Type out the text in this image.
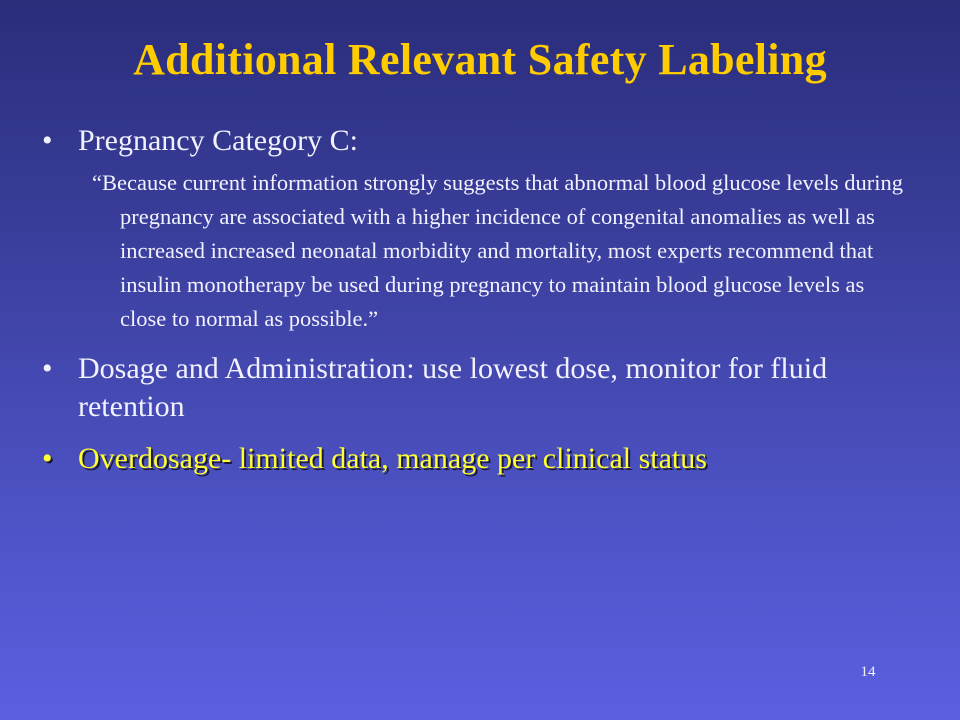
Additional Relevant Safety Labeling
• Pregnancy Category C:
“Because current information strongly suggests that abnormal blood glucose levels during pregnancy are associated with a higher incidence of congenital anomalies as well as increased increased neonatal morbidity and mortality, most experts recommend that insulin monotherapy be used during pregnancy to maintain blood glucose levels as close to normal as possible.”
• Dosage and Administration: use lowest dose, monitor for fluid retention
• Overdosage- limited data, manage per clinical status
14
